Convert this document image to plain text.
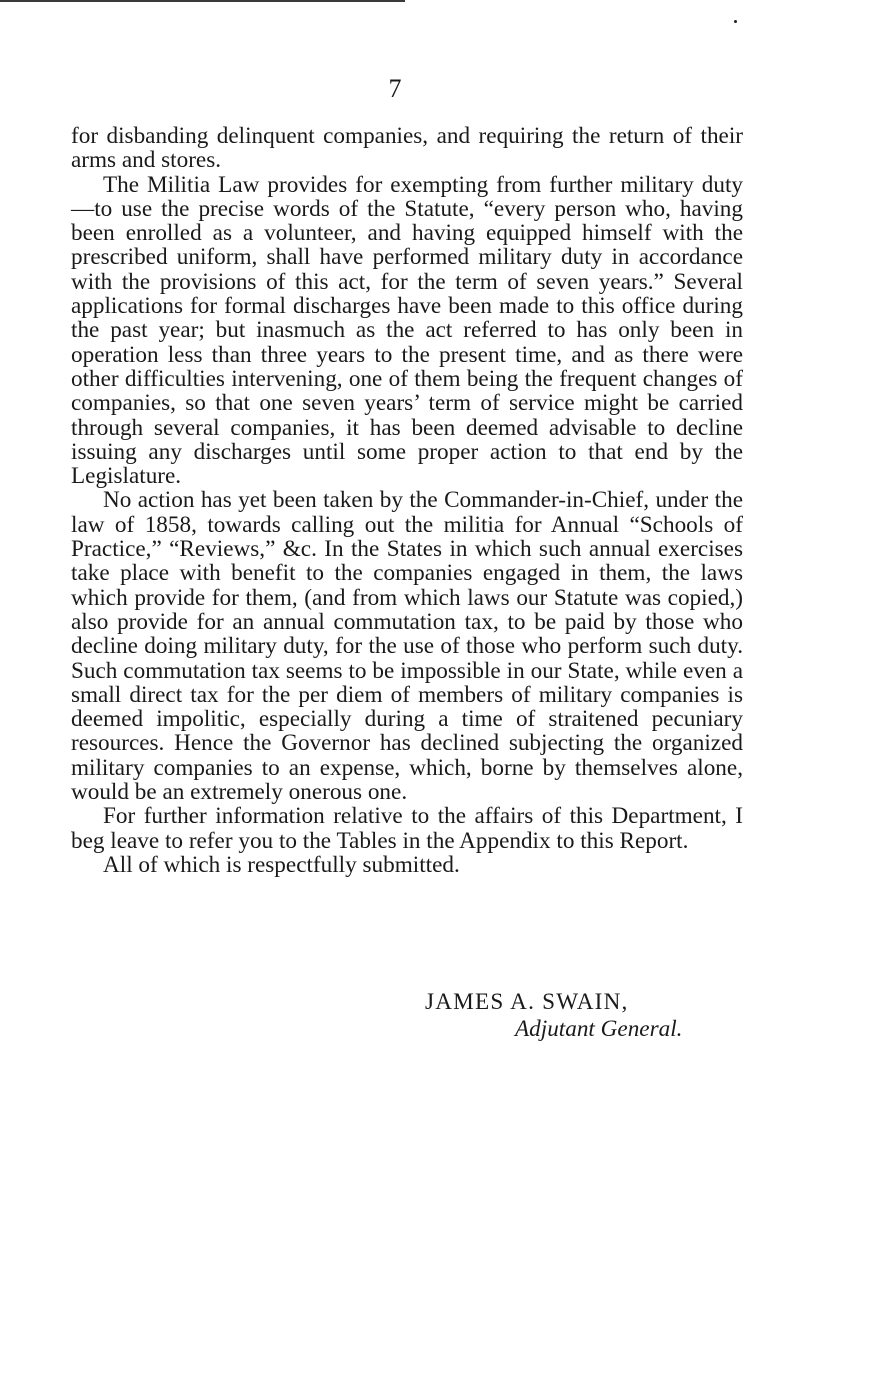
7

for disbanding delinquent companies, and requiring the return of their arms and stores.

The Militia Law provides for exempting from further military duty—to use the precise words of the Statute, “every person who, having been enrolled as a volunteer, and having equipped himself with the prescribed uniform, shall have performed military duty in accordance with the provisions of this act, for the term of seven years.” Several applications for formal discharges have been made to this office during the past year; but inasmuch as the act referred to has only been in operation less than three years to the present time, and as there were other difficulties intervening, one of them being the frequent changes of companies, so that one seven years’ term of service might be carried through several companies, it has been deemed advisable to decline issuing any discharges until some proper action to that end by the Legislature.

No action has yet been taken by the Commander-in-Chief, under the law of 1858, towards calling out the militia for Annual “Schools of Practice,” “Reviews,” &c. In the States in which such annual exercises take place with benefit to the companies engaged in them, the laws which provide for them, (and from which laws our Statute was copied,) also provide for an annual commutation tax, to be paid by those who decline doing military duty, for the use of those who perform such duty. Such commutation tax seems to be impossible in our State, while even a small direct tax for the per diem of members of military companies is deemed impolitic, especially during a time of straitened pecuniary resources. Hence the Governor has declined subjecting the organized military companies to an expense, which, borne by themselves alone, would be an extremely onerous one.

For further information relative to the affairs of this Department, I beg leave to refer you to the Tables in the Appendix to this Report.

All of which is respectfully submitted.

JAMES A. SWAIN,
Adjutant General.
